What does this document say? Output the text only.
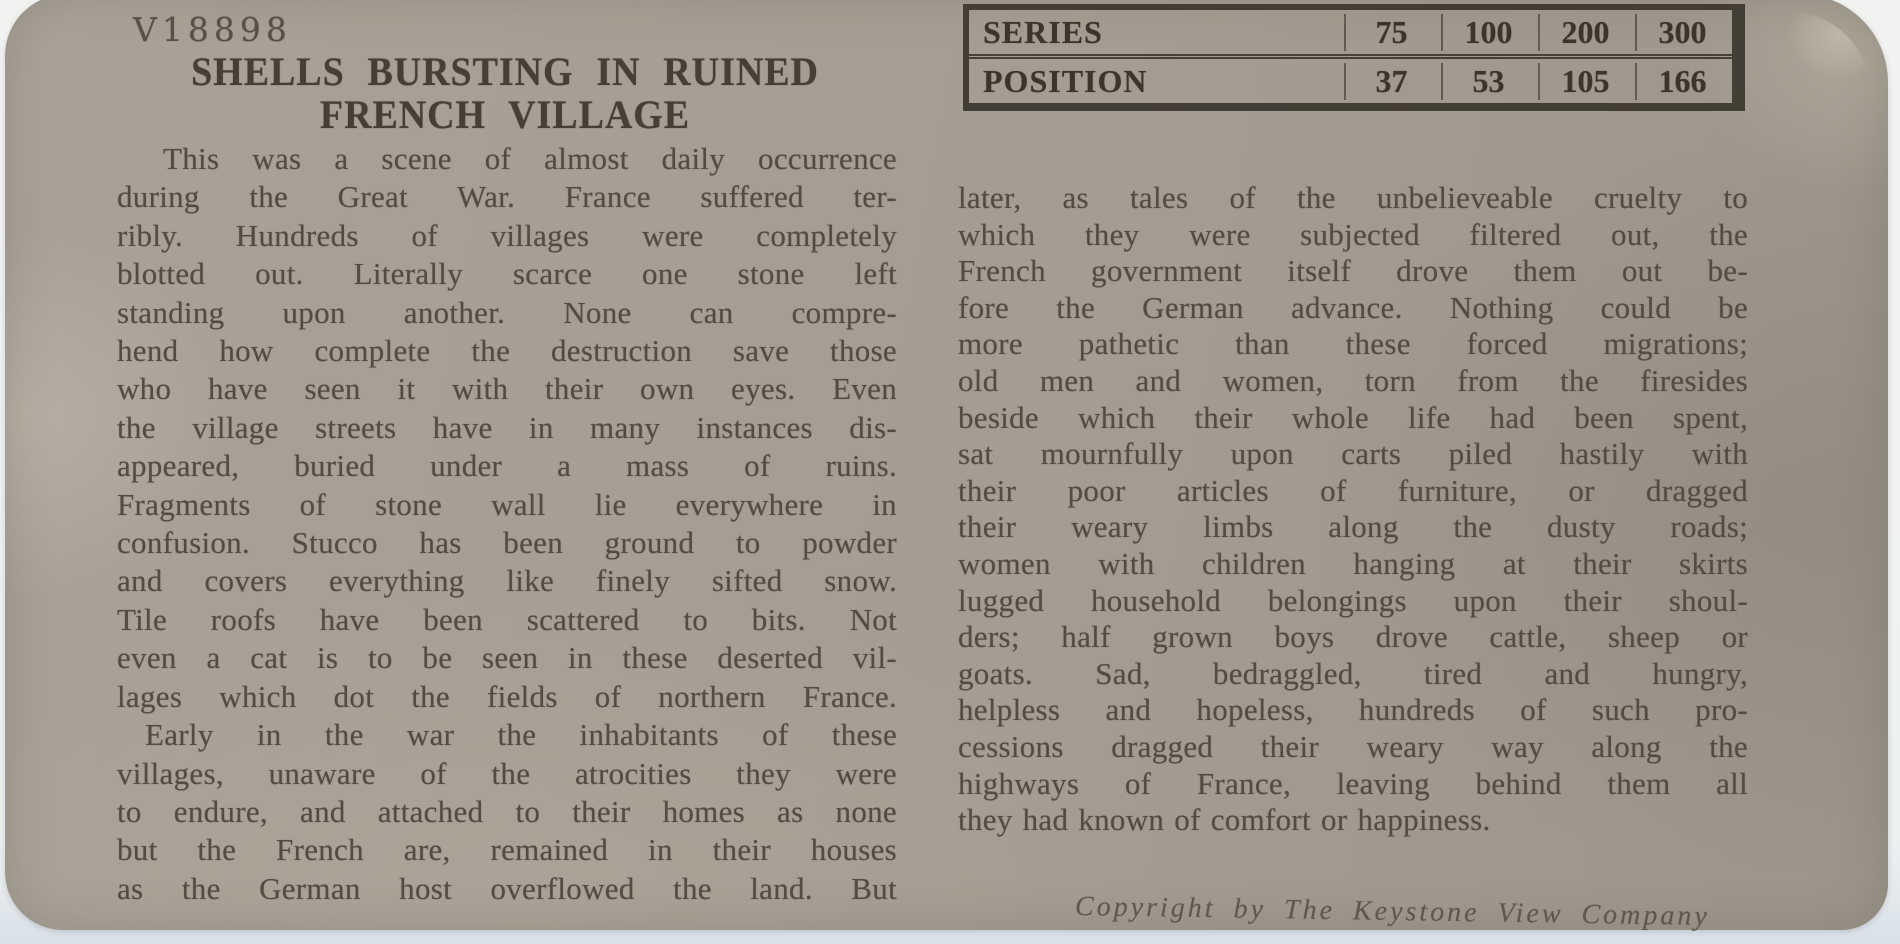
V18898
SHELLS BURSTING IN RUINED
FRENCH VILLAGE
SERIES	75	100	200	300
POSITION	37	53	105	166
This was a scene of almost daily occurrence
during the Great War. France suffered ter-
ribly. Hundreds of villages were completely
blotted out. Literally scarce one stone left
standing upon another. None can compre-
hend how complete the destruction save those
who have seen it with their own eyes. Even
the village streets have in many instances dis-
appeared, buried under a mass of ruins.
Fragments of stone wall lie everywhere in
confusion. Stucco has been ground to powder
and covers everything like finely sifted snow.
Tile roofs have been scattered to bits. Not
even a cat is to be seen in these deserted vil-
lages which dot the fields of northern France.
Early in the war the inhabitants of these
villages, unaware of the atrocities they were
to endure, and attached to their homes as none
but the French are, remained in their houses
as the German host overflowed the land. But
later, as tales of the unbelieveable cruelty to
which they were subjected filtered out, the
French government itself drove them out be-
fore the German advance. Nothing could be
more pathetic than these forced migrations;
old men and women, torn from the firesides
beside which their whole life had been spent,
sat mournfully upon carts piled hastily with
their poor articles of furniture, or dragged
their weary limbs along the dusty roads;
women with children hanging at their skirts
lugged household belongings upon their shoul-
ders; half grown boys drove cattle, sheep or
goats. Sad, bedraggled, tired and hungry,
helpless and hopeless, hundreds of such pro-
cessions dragged their weary way along the
highways of France, leaving behind them all
they had known of comfort or happiness.
Copyright by The Keystone View Company
